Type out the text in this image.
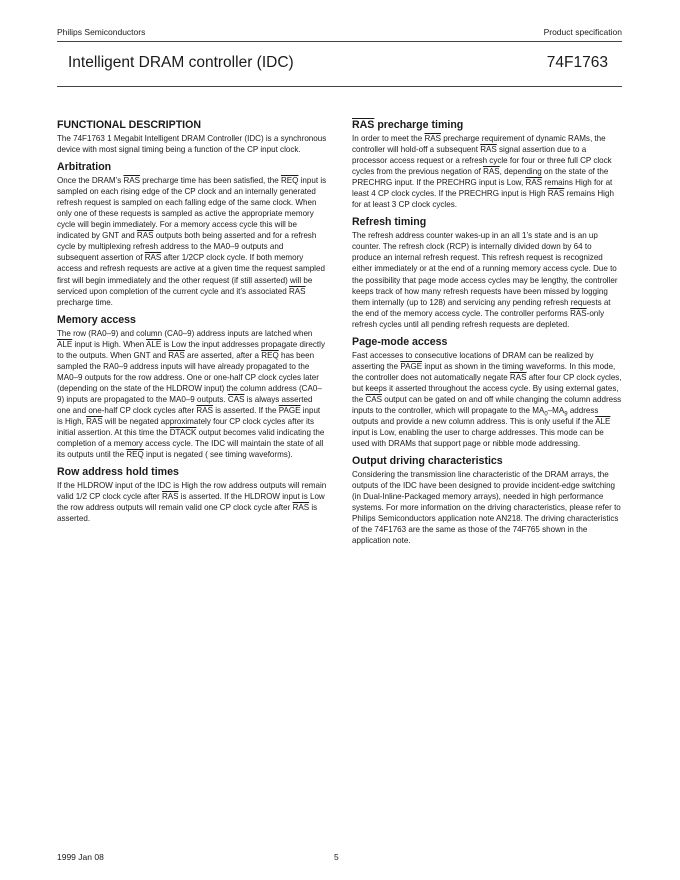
Philips Semiconductors	Product specification
Intelligent DRAM controller (IDC)	74F1763
FUNCTIONAL DESCRIPTION

The 74F1763 1 Megabit Intelligent DRAM Controller (IDC) is a synchronous device with most signal timing being a function of the CP input clock.

Arbitration

Once the DRAM’s $\overline{RAS}$ precharge time has been satisfied, the $\overline{REQ}$ input is sampled on each rising edge of the CP clock and an internally generated refresh request is sampled on each falling edge of the same clock. When only one of these requests is sampled as active the appropriate memory cycle will begin immediately. For a memory access cycle this will be indicated by GNT and $\overline{RAS}$ outputs both being asserted and for a refresh cycle by multiplexing refresh address to the MA0–9 outputs and subsequent assertion of $\overline{RAS}$ after 1/2CP clock cycle. If both memory access and refresh requests are active at a given time the request sampled first will begin immediately and the other request (if still asserted) will be serviced upon completion of the current cycle and it’s associated $\overline{RAS}$ precharge time.

Memory access

The row (RA0–9) and column (CA0–9) address inputs are latched when $\overline{ALE}$ input is High. When $\overline{ALE}$ is Low the input addresses propagate directly to the outputs. When GNT and $\overline{RAS}$ are asserted, after a $\overline{REQ}$ has been sampled the RA0–9 address inputs will have already propagated to the MA0–9 outputs for the row address. One or one-half CP clock cycles later (depending on the state of the HLDROW input) the column address (CA0–9) inputs are propagated to the MA0–9 outputs. $\overline{CAS}$ is always asserted one and one-half CP clock cycles after $\overline{RAS}$ is asserted. If the PAGE input is High, $\overline{RAS}$ will be negated approximately four CP clock cycles after its initial assertion. At this time the DTACK output becomes valid indicating the completion of a memory access cycle. The IDC will maintain the state of all its outputs until the $\overline{REQ}$ input is negated ( see timing waveforms).

Row address hold times

If the HLDROW input of the IDC is High the row address outputs will remain valid 1/2 CP clock cycle after $\overline{RAS}$ is asserted. If the HLDROW input is Low the row address outputs will remain valid one CP clock cycle after $\overline{RAS}$ is asserted.

RAS precharge timing

In order to meet the $\overline{RAS}$ precharge requirement of dynamic RAMs, the controller will hold-off a subsequent $\overline{RAS}$ signal assertion due to a processor access request or a refresh cycle for four or three full CP clock cycles from the previous negation of $\overline{RAS}$, depending on the state of the PRECHRG input. If the PRECHRG input is Low, $\overline{RAS}$ remains High for at least 4 CP clock cycles. If the PRECHRG input is High $\overline{RAS}$ remains High for at least 3 CP clock cycles.

Refresh timing

The refresh address counter wakes-up in an all 1’s state and is an up counter. The refresh clock (RCP) is internally divided down by 64 to produce an internal refresh request. This refresh request is recognized either immediately or at the end of a running memory access cycle. Due to the possibility that page mode access cycles may be lengthy, the controller keeps track of how many refresh requests have been missed by logging them internally (up to 128) and servicing any pending refresh requests at the end of the memory access cycle. The controller performs $\overline{RAS}$-only refresh cycles until all pending refresh requests are depleted.

Page-mode access

Fast accesses to consecutive locations of DRAM can be realized by asserting the PAGE input as shown in the timing waveforms. In this mode, the controller does not automatically negate $\overline{RAS}$ after four CP clock cycles, but keeps it asserted throughout the access cycle. By using external gates, the $\overline{CAS}$ output can be gated on and off while changing the column address inputs to the controller, which will propagate to the $MA_0-MA_9$ address outputs and provide a new column address. This is only useful if the $\overline{ALE}$ input is Low, enabling the user to charge addresses. This mode can be used with DRAMs that support page or nibble mode addressing.

Output driving characteristics

Considering the transmission line characteristic of the DRAM arrays, the outputs of the IDC have been designed to provide incident-edge switching (in Dual-Inline-Packaged memory arrays), needed in high performance systems. For more information on the driving characteristics, please refer to Philips Semiconductors application note AN218. The driving characteristics of the 74F1763 are the same as those of the 74F765 shown in the application note.

1999 Jan 08	5
